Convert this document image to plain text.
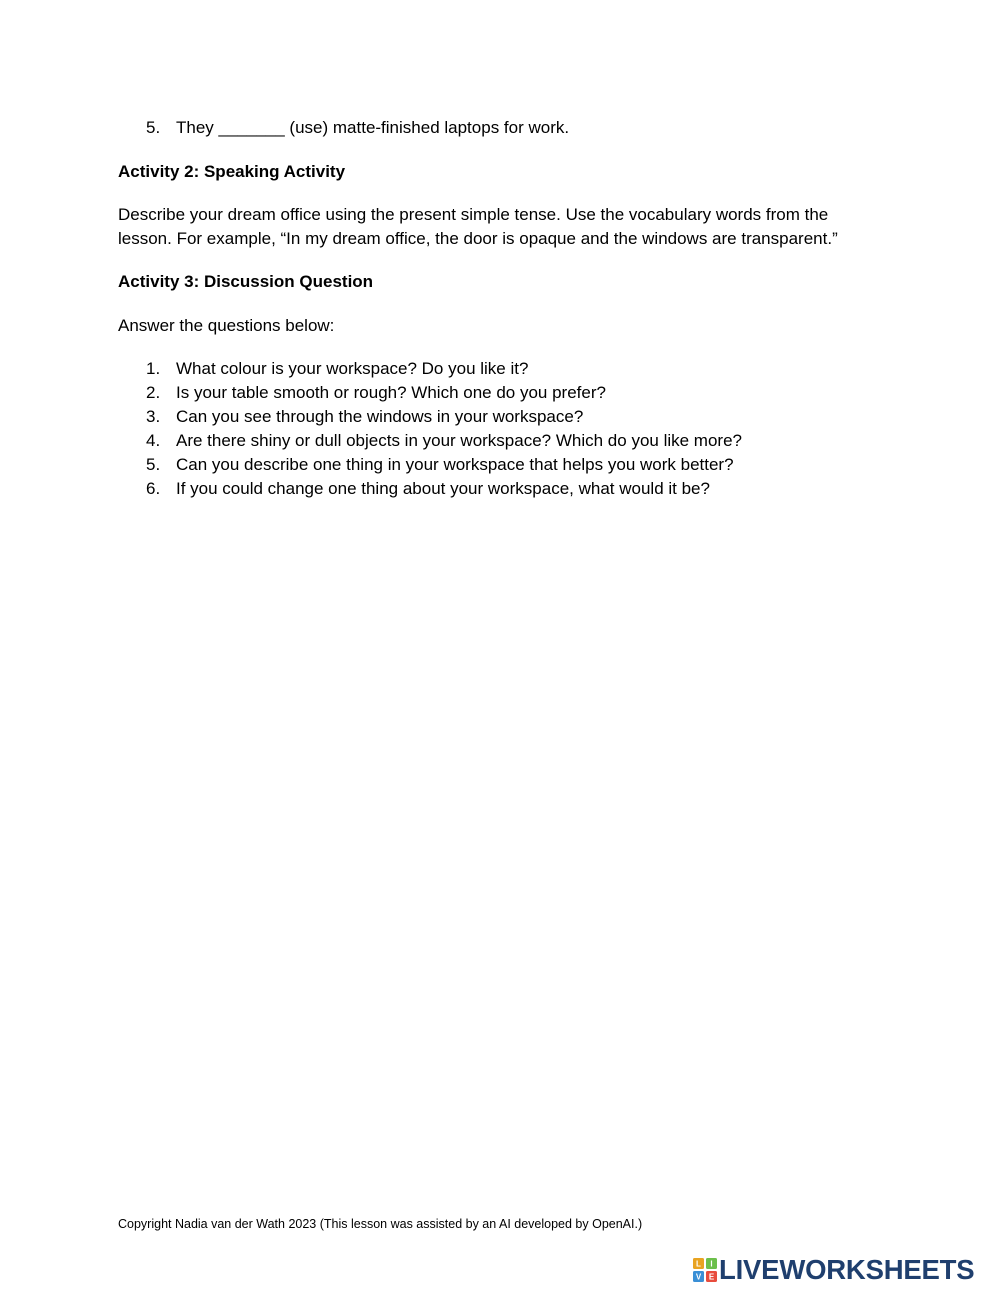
5. They _______ (use) matte-finished laptops for work.
Activity 2: Speaking Activity
Describe your dream office using the present simple tense. Use the vocabulary words from the
lesson. For example, “In my dream office, the door is opaque and the windows are transparent.”
Activity 3: Discussion Question
Answer the questions below:
1. What colour is your workspace? Do you like it?
2. Is your table smooth or rough? Which one do you prefer?
3. Can you see through the windows in your workspace?
4. Are there shiny or dull objects in your workspace? Which do you like more?
5. Can you describe one thing in your workspace that helps you work better?
6. If you could change one thing about your workspace, what would it be?
Copyright Nadia van der Wath 2023 (This lesson was assisted by an AI developed by OpenAI.)
L I
V E LIVEWORKSHEETS
